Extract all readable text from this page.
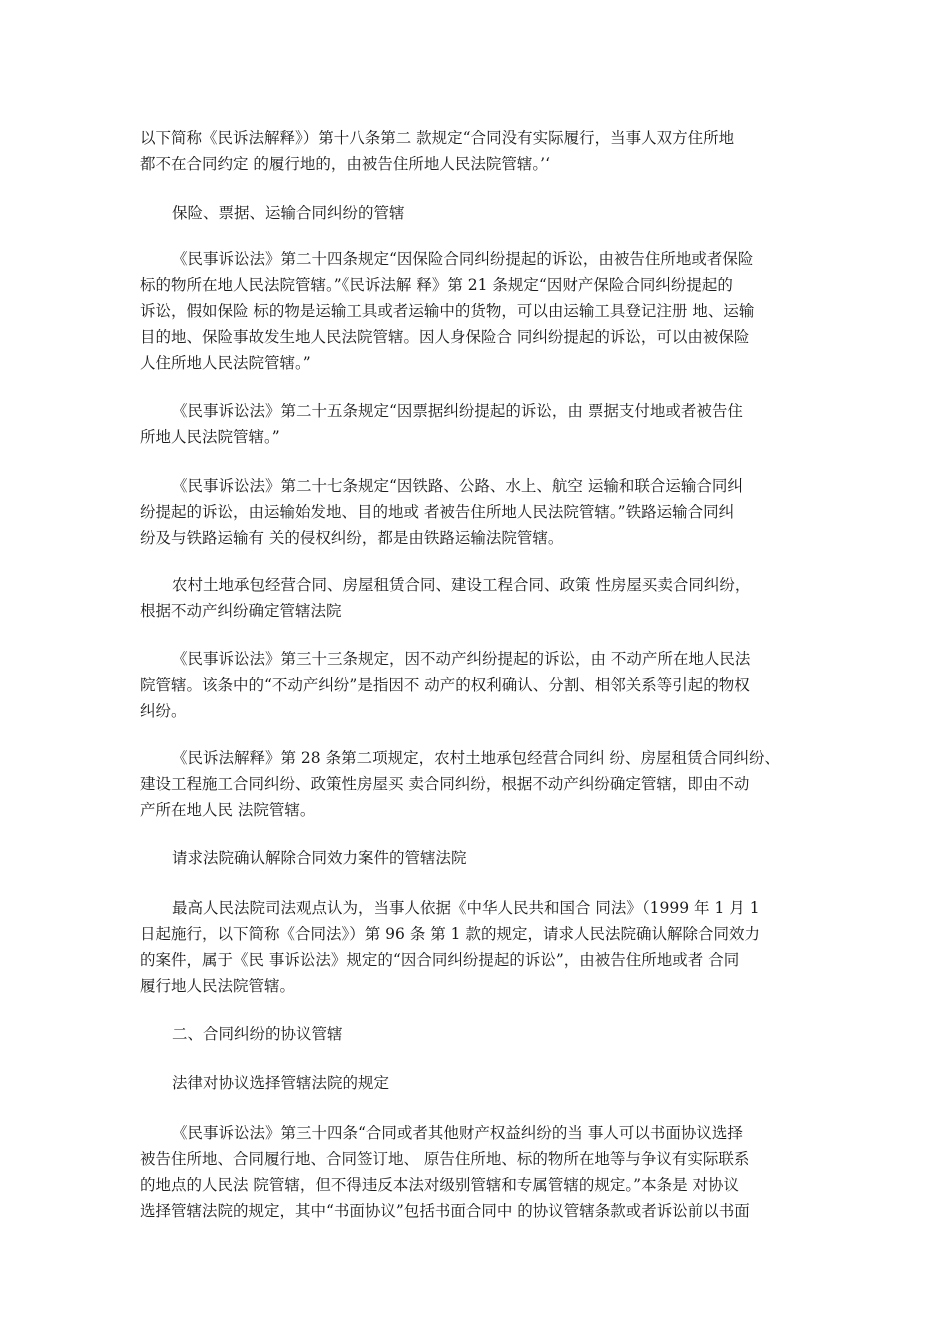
以下简称《民诉法解释》）第十八条第二 款规定“合同没有实际履行，当事人双方住所地
都不在合同约定 的履行地的，由被告住所地人民法院管辖。’‘
保险、票据、运输合同纠纷的管辖
《民事诉讼法》第二十四条规定“因保险合同纠纷提起的诉讼，由被告住所地或者保险
标的物所在地人民法院管辖。”《民诉法解 释》第 21 条规定“因财产保险合同纠纷提起的
诉讼，假如保险 标的物是运输工具或者运输中的货物，可以由运输工具登记注册 地、运输
目的地、保险事故发生地人民法院管辖。因人身保险合 同纠纷提起的诉讼，可以由被保险
人住所地人民法院管辖。”
《民事诉讼法》第二十五条规定“因票据纠纷提起的诉讼，由 票据支付地或者被告住
所地人民法院管辖。”
《民事诉讼法》第二十七条规定“因铁路、公路、水上、航空 运输和联合运输合同纠
纷提起的诉讼，由运输始发地、目的地或 者被告住所地人民法院管辖。”铁路运输合同纠
纷及与铁路运输有 关的侵权纠纷，都是由铁路运输法院管辖。
农村土地承包经营合同、房屋租赁合同、建设工程合同、政策 性房屋买卖合同纠纷，
根据不动产纠纷确定管辖法院
《民事诉讼法》第三十三条规定，因不动产纠纷提起的诉讼，由 不动产所在地人民法
院管辖。该条中的“不动产纠纷”是指因不 动产的权利确认、分割、相邻关系等引起的物权
纠纷。
《民诉法解释》第 28 条第二项规定，农村土地承包经营合同纠 纷、房屋租赁合同纠纷、
建设工程施工合同纠纷、政策性房屋买 卖合同纠纷，根据不动产纠纷确定管辖，即由不动
产所在地人民 法院管辖。
请求法院确认解除合同效力案件的管辖法院
最高人民法院司法观点认为，当事人依据《中华人民共和国合 同法》（1999 年 1 月 1
日起施行，以下简称《合同法》）第 96 条 第 1 款的规定，请求人民法院确认解除合同效力
的案件，属于《民 事诉讼法》规定的“因合同纠纷提起的诉讼”，由被告住所地或者 合同
履行地人民法院管辖。
二、合同纠纷的协议管辖
法律对协议选择管辖法院的规定
《民事诉讼法》第三十四条“合同或者其他财产权益纠纷的当 事人可以书面协议选择
被告住所地、合同履行地、合同签订地、 原告住所地、标的物所在地等与争议有实际联系
的地点的人民法 院管辖，但不得违反本法对级别管辖和专属管辖的规定。”本条是 对协议
选择管辖法院的规定，其中“书面协议”包括书面合同中 的协议管辖条款或者诉讼前以书面
